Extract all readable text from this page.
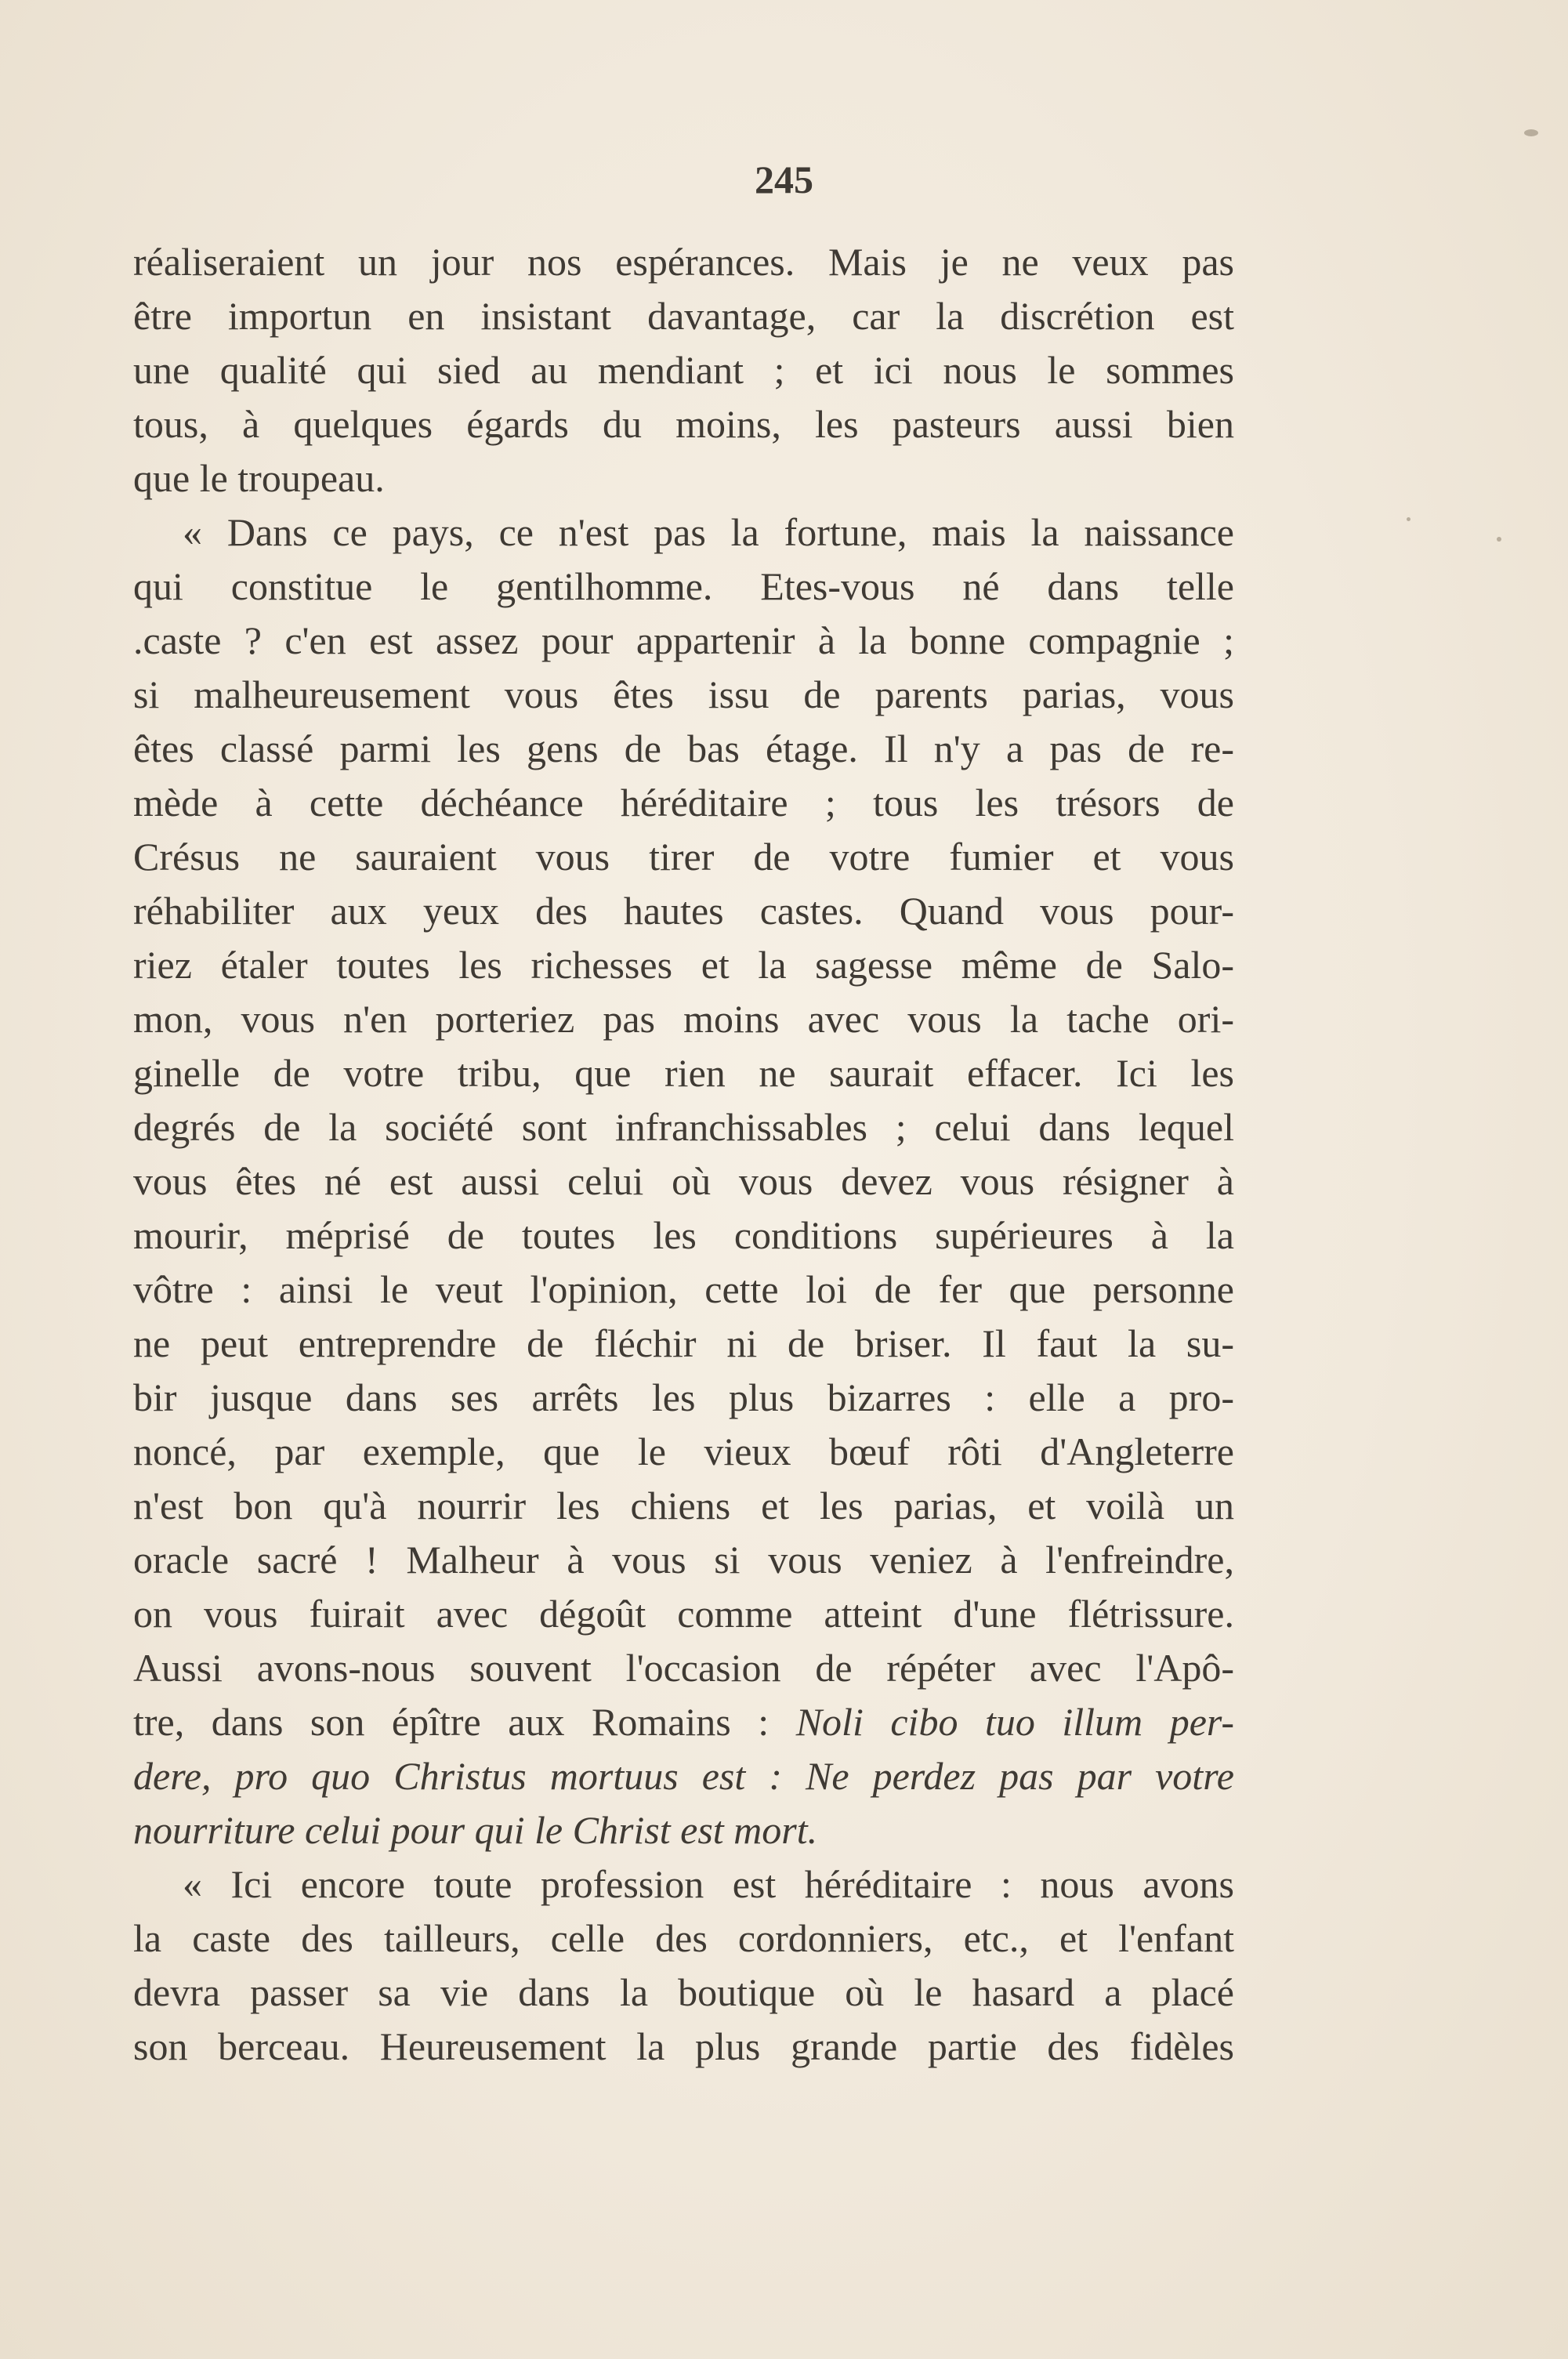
245
réaliseraient un jour nos espérances. Mais je ne veux pas
être importun en insistant davantage, car la discrétion est
une qualité qui sied au mendiant ; et ici nous le sommes
tous, à quelques égards du moins, les pasteurs aussi bien
que le troupeau.
« Dans ce pays, ce n'est pas la fortune, mais la naissance
qui constitue le gentilhomme. Etes-vous né dans telle
.caste ? c'en est assez pour appartenir à la bonne compagnie ;
si malheureusement vous êtes issu de parents parias, vous
êtes classé parmi les gens de bas étage. Il n'y a pas de re-
mède à cette déchéance héréditaire ; tous les trésors de
Crésus ne sauraient vous tirer de votre fumier et vous
réhabiliter aux yeux des hautes castes. Quand vous pour-
riez étaler toutes les richesses et la sagesse même de Salo-
mon, vous n'en porteriez pas moins avec vous la tache ori-
ginelle de votre tribu, que rien ne saurait effacer. Ici les
degrés de la société sont infranchissables ; celui dans lequel
vous êtes né est aussi celui où vous devez vous résigner à
mourir, méprisé de toutes les conditions supérieures à la
vôtre : ainsi le veut l'opinion, cette loi de fer que personne
ne peut entreprendre de fléchir ni de briser. Il faut la su-
bir jusque dans ses arrêts les plus bizarres : elle a pro-
noncé, par exemple, que le vieux bœuf rôti d'Angleterre
n'est bon qu'à nourrir les chiens et les parias, et voilà un
oracle sacré ! Malheur à vous si vous veniez à l'enfreindre,
on vous fuirait avec dégoût comme atteint d'une flétrissure.
Aussi avons-nous souvent l'occasion de répéter avec l'Apô-
tre, dans son épître aux Romains : Noli cibo tuo illum per-
dere, pro quo Christus mortuus est : Ne perdez pas par votre
nourriture celui pour qui le Christ est mort.
« Ici encore toute profession est héréditaire : nous avons
la caste des tailleurs, celle des cordonniers, etc., et l'enfant
devra passer sa vie dans la boutique où le hasard a placé
son berceau. Heureusement la plus grande partie des fidèles
